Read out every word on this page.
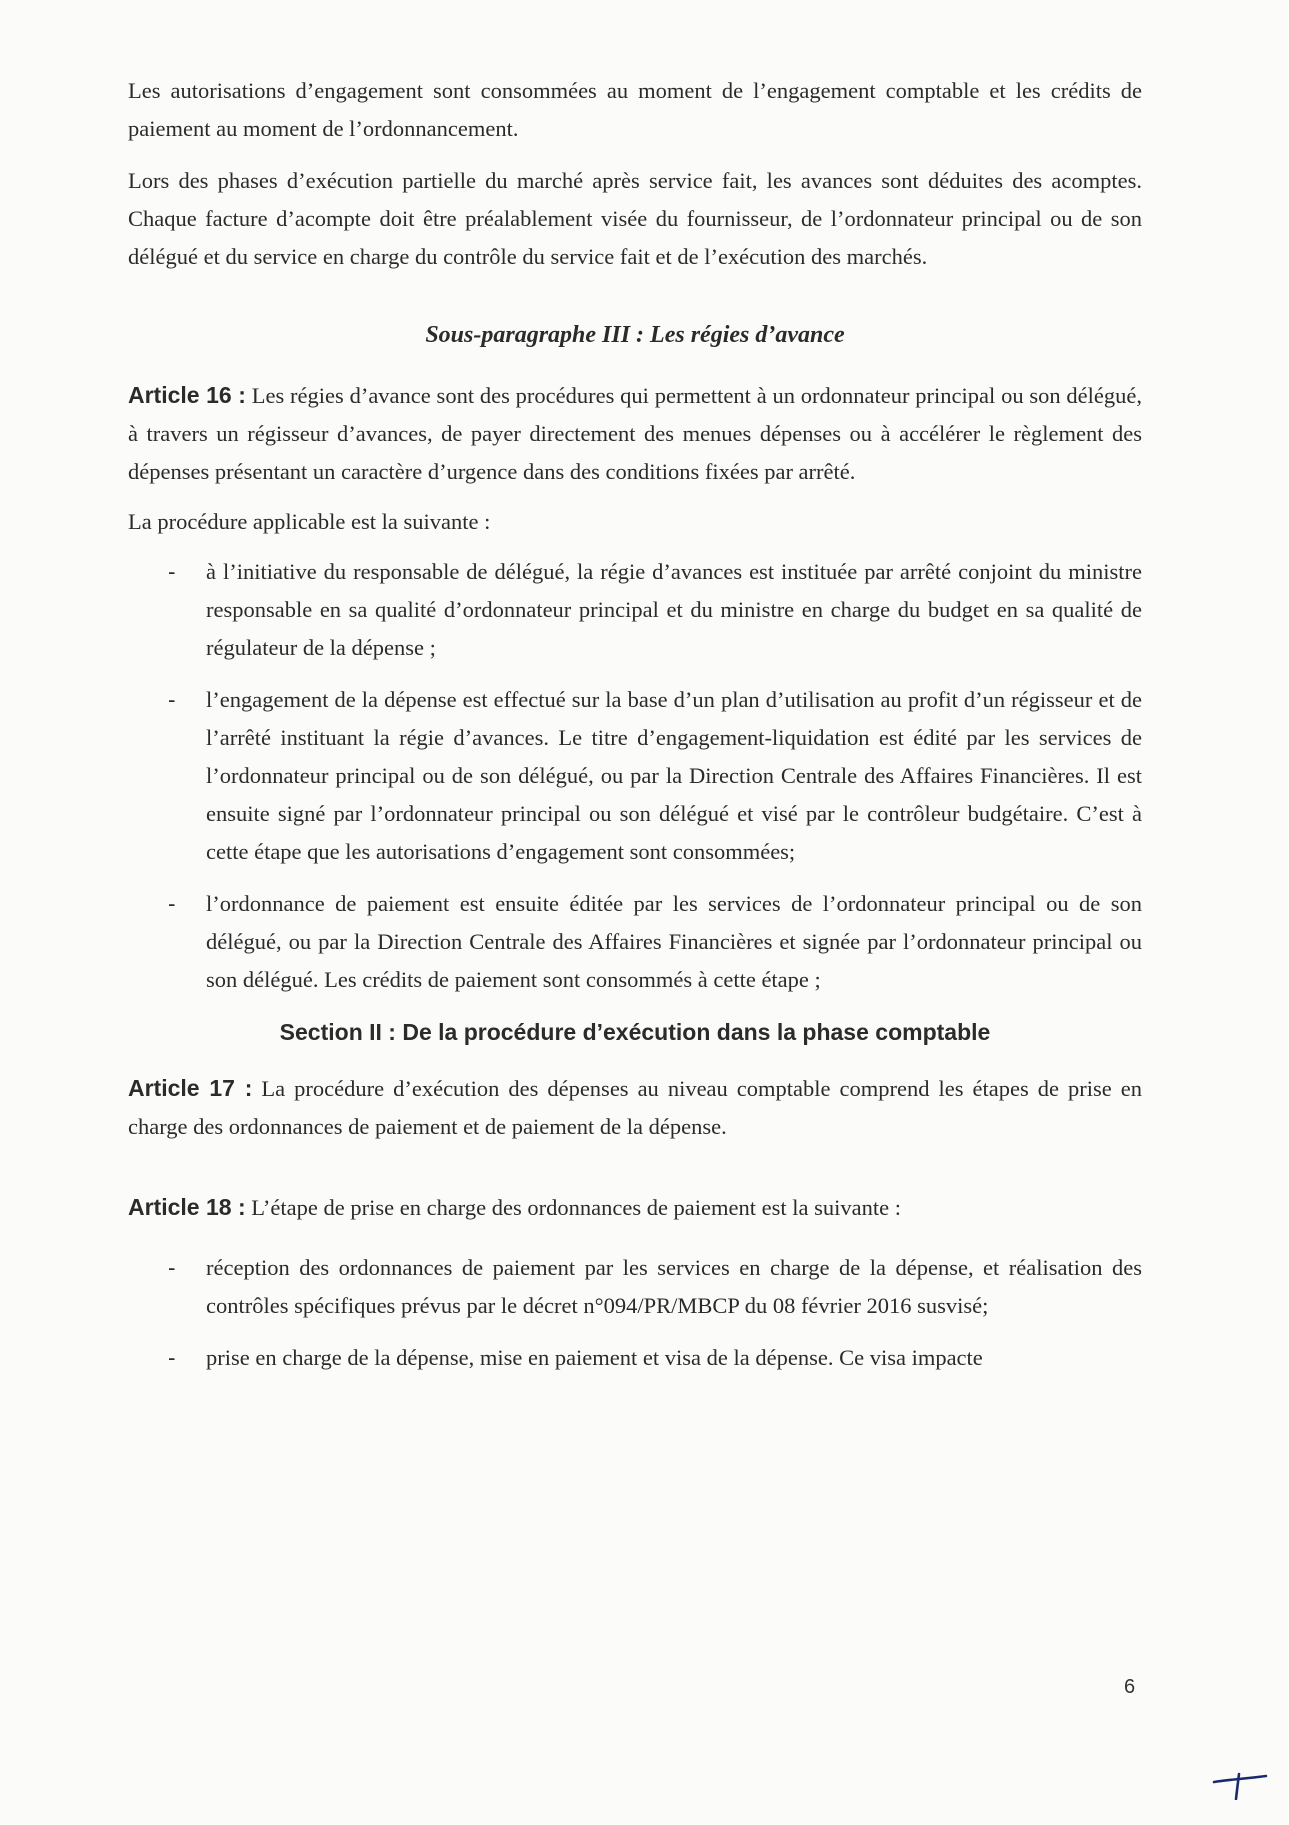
Les autorisations d’engagement sont consommées au moment de l’engagement comptable et les crédits de paiement au moment de l’ordonnancement.

Lors des phases d’exécution partielle du marché après service fait, les avances sont déduites des acomptes. Chaque facture d’acompte doit être préalablement visée du fournisseur, de l’ordonnateur principal ou de son délégué et du service en charge du contrôle du service fait et de l’exécution des marchés.

Sous-paragraphe III : Les régies d’avance

Article 16 : Les régies d’avance sont des procédures qui permettent à un ordonnateur principal ou son délégué, à travers un régisseur d’avances, de payer directement des menues dépenses ou à accélérer le règlement des dépenses présentant un caractère d’urgence dans des conditions fixées par arrêté.

La procédure applicable est la suivante :

- à l’initiative du responsable de délégué, la régie d’avances est instituée par arrêté conjoint du ministre responsable en sa qualité d’ordonnateur principal et du ministre en charge du budget en sa qualité de régulateur de la dépense ;
- l’engagement de la dépense est effectué sur la base d’un plan d’utilisation au profit d’un régisseur et de l’arrêté instituant la régie d’avances. Le titre d’engagement-liquidation est édité par les services de l’ordonnateur principal ou de son délégué, ou par la Direction Centrale des Affaires Financières. Il est ensuite signé par l’ordonnateur principal ou son délégué et visé par le contrôleur budgétaire. C’est à cette étape que les autorisations d’engagement sont consommées;
- l’ordonnance de paiement est ensuite éditée par les services de l’ordonnateur principal ou de son délégué, ou par la Direction Centrale des Affaires Financières et signée par l’ordonnateur principal ou son délégué. Les crédits de paiement sont consommés à cette étape ;

Section II : De la procédure d’exécution dans la phase comptable

Article 17 : La procédure d’exécution des dépenses au niveau comptable comprend les étapes de prise en charge des ordonnances de paiement et de paiement de la dépense.

Article 18 : L’étape de prise en charge des ordonnances de paiement est la suivante :

- réception des ordonnances de paiement par les services en charge de la dépense, et réalisation des contrôles spécifiques prévus par le décret n°094/PR/MBCP du 08 février 2016 susvisé;
- prise en charge de la dépense, mise en paiement et visa de la dépense. Ce visa impacte
6
